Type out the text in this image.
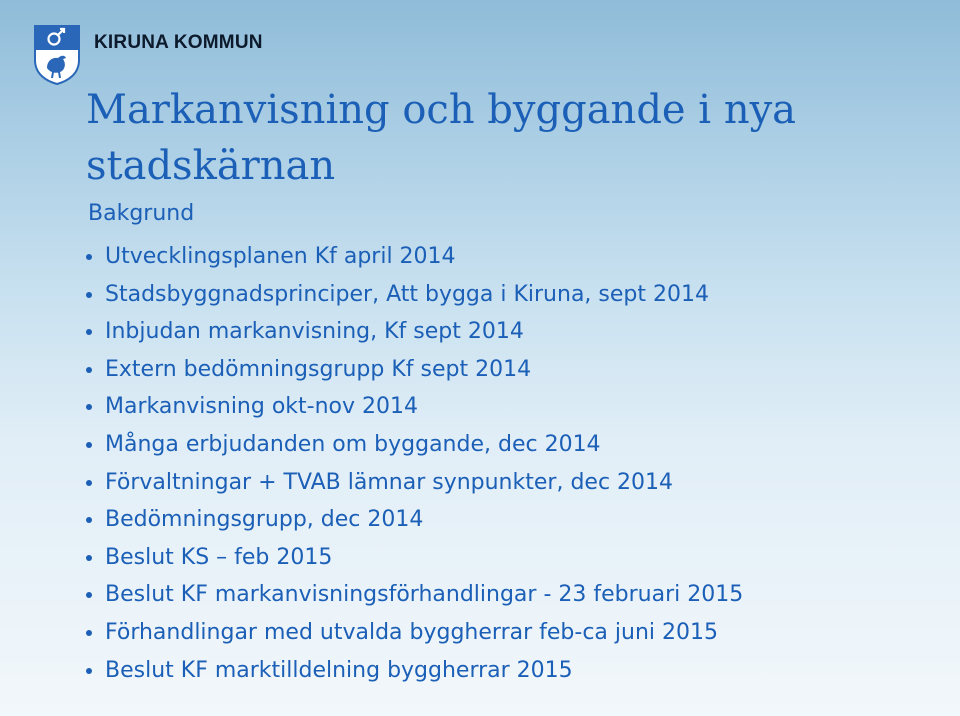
KIRUNA KOMMUN
Markanvisning och byggande i nya stadskärnan
Bakgrund
Utvecklingsplanen Kf april 2014
Stadsbyggnadsprinciper, Att bygga i Kiruna, sept 2014
Inbjudan markanvisning, Kf sept 2014
Extern bedömningsgrupp Kf sept 2014
Markanvisning okt-nov 2014
Många erbjudanden om byggande, dec 2014
Förvaltningar + TVAB lämnar synpunkter, dec 2014
Bedömningsgrupp, dec 2014
Beslut KS – feb 2015
Beslut KF markanvisningsförhandlingar - 23 februari 2015
Förhandlingar med utvalda byggherrar feb-ca juni 2015
Beslut KF marktilldelning byggherrar 2015
